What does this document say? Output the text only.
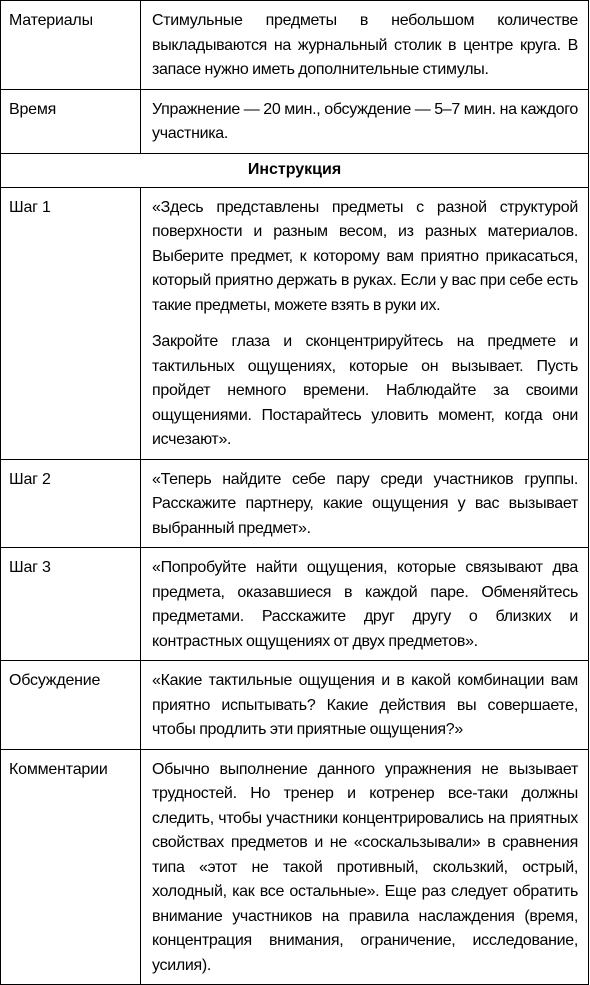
Материалы	Стимульные предметы в небольшом количестве выкладываются на журнальный столик в центре круга. В запасе нужно иметь дополнительные стимулы.

Время	Упражнение — 20 мин., обсуждение — 5–7 мин. на каждого участника.

Инструкция	
Шаг 1	«Здесь представлены предметы с разной структурой поверхности и разным весом, из разных материалов. Выберите предмет, к которому вам приятно прикасаться, который приятно держать в руках. Если у вас при себе есть такие предметы, можете взять в руки их.

Закройте глаза и сконцентрируйтесь на предмете и тактильных ощущениях, которые он вызывает. Пусть пройдет немного времени. Наблюдайте за своими ощущениями. Постарайтесь уловить момент, когда они исчезают».

Шаг 2	«Теперь найдите себе пару среди участников группы. Расскажите партнеру, какие ощущения у вас вызывает выбранный предмет».

Шаг 3	«Попробуйте найти ощущения, которые связывают два предмета, оказавшиеся в каждой паре. Обменяйтесь предметами. Расскажите друг другу о близких и контрастных ощущениях от двух предметов».

Обсуждение	«Какие тактильные ощущения и в какой комбинации вам приятно испытывать? Какие действия вы совершаете, чтобы продлить эти приятные ощущения?»

Комментарии	Обычно выполнение данного упражнения не вызывает трудностей. Но тренер и котренер все-таки должны следить, чтобы участники концентрировались на приятных свойствах предметов и не «соскальзывали» в сравнения типа «этот не такой противный, скользкий, острый, холодный, как все остальные». Еще раз следует обратить внимание участников на правила наслаждения (время, концентрация внимания, ограничение, исследование, усилия).
